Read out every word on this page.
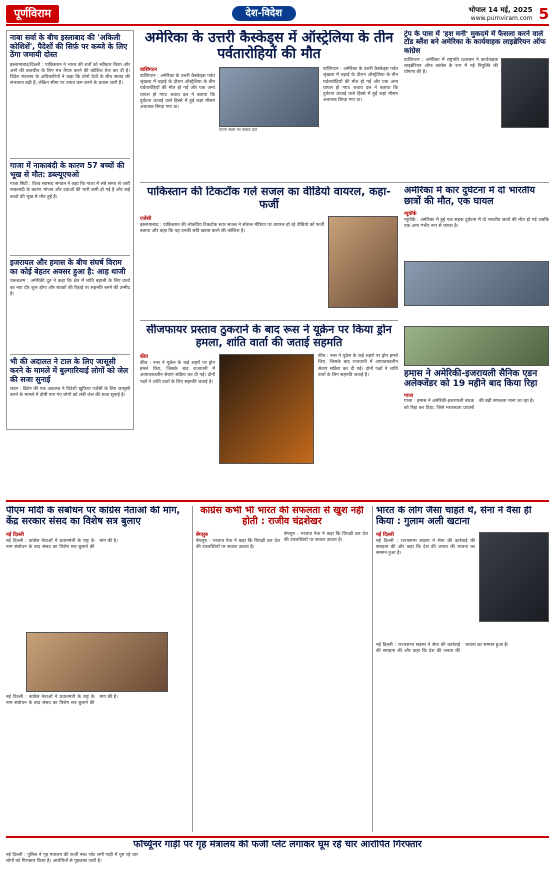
पूर्णविराम	देश-विदेश	भोपाल 14 मई, 2025
www.purnviram.com 5
नाबा सर्वा के बीच इस्लाबाद की 'अकिली कोशिशें', पैदेशों की सिर्फ़ पर कब्जे के लिए ठेंगा जमायी दोस्त
इस्लामाबाद/दिल्ली : पाकिस्तान ने भारत की शर्तों को स्वीकार किया और आगे की बातचीत के लिए मंच तैयार करने की कोशिश तेज कर दी है। विदेश मंत्रालय के अधिकारियों ने कहा कि दोनों देशों के बीच संवाद की संभावना बढ़ी है, लेकिन सीमा पर तनाव कम करने के प्रयास जारी हैं।
गाजा में नाकाबंदी के कारण 57 बच्चों की भूख से मौत: डब्ल्यूएचओ
गाजा सिटी : विश्व स्वास्थ्य संगठन ने कहा कि गाजा में लंबे समय से जारी नाकाबंदी के कारण भोजन और दवाओं की भारी कमी हो गई है और कई बच्चों की भूख से मौत हुई है।
इजरायल और हमास के बीच संघर्ष विराम का कोई बेहतर अवसर हुआ है: आह थाजी
यरूशलम : अमेरिकी दूत ने कहा कि क्षेत्र में शांति बहाली के लिए वार्ता का नया दौर शुरू होगा और बंधकों की रिहाई पर सहमति बनने की उम्मीद है।
भी की अदालत ने टाल के लिए जासूसी करने के मामले में बुल्गारियाई लोगों को जेल की सजा सुनाई
लंदन : ब्रिटेन की एक अदालत ने विदेशी खुफिया एजेंसी के लिए जासूसी करने के मामले में दोषी पाए गए लोगों को लंबी जेल की सजा सुनाई है।
अमेरिका के उत्तरी कैस्केड्स में ऑस्ट्रेलिया के तीन पर्वतारोहियों की मौत
वाशिंगटन
वाशिंगटन : अमेरिका के उत्तरी कैस्केड्स पर्वत श्रृंखला में चढ़ाई के दौरान ऑस्ट्रेलिया के तीन पर्वतारोहियों की मौत हो गई और एक अन्य घायल हो गया। बचाव दल ने बताया कि दुर्घटना ऊंचाई वाले हिस्से में हुई जहां मौसम अचानक बिगड़ गया था।
घटना स्थल पर बचाव दल
वाशिंगटन : अमेरिका के उत्तरी कैस्केड्स पर्वत श्रृंखला में चढ़ाई के दौरान ऑस्ट्रेलिया के तीन पर्वतारोहियों की मौत हो गई और एक अन्य घायल हो गया। बचाव दल ने बताया कि दुर्घटना ऊंचाई वाले हिस्से में हुई जहां मौसम अचानक बिगड़ गया था।
ट्रंप के पास में 'हश मनी' मुकदमे में फैसला करने वाले टॉड ब्लैंश बने अमेरिका के कार्यवाहक लाइब्रेरियन ऑफ कांग्रेस
वाशिंगटन : अमेरिका में राष्ट्रपति प्रशासन ने कार्यवाहक लाइब्रेरियन ऑफ कांग्रेस के रूप में नई नियुक्ति की घोषणा की है।
पाकिस्तान की टिकटॉक गर्ल सजल का वीडियो वायरल, कहा-फर्जी
एजेंसी
इस्लामाबाद : पाकिस्तान की लोकप्रिय टिकटॉक स्टार सजल ने सोशल मीडिया पर वायरल हो रहे वीडियो को फर्जी बताया और कहा कि यह उनकी छवि खराब करने की कोशिश है।
अमेरिका में कार दुर्घटना में दो भारतीय छात्रों की मौत, एक घायल
न्यूयॉर्क
न्यूयॉर्क : अमेरिका में हुई एक सड़क दुर्घटना में दो भारतीय छात्रों की मौत हो गई जबकि एक अन्य गंभीर रूप से घायल है।
सीजफायर प्रस्ताव ठुकराने के बाद रूस ने यूक्रेन पर किया ड्रोन हमला, शांति वार्ता की जताई सहमति
कीव
कीव : रूस ने यूक्रेन के कई शहरों पर ड्रोन हमले किए, जिसके बाद राजधानी में आपातकालीन सेवाएं सक्रिय कर दी गईं। दोनों पक्षों ने शांति वार्ता के लिए सहमति जताई है।
कीव : रूस ने यूक्रेन के कई शहरों पर ड्रोन हमले किए, जिसके बाद राजधानी में आपातकालीन सेवाएं सक्रिय कर दी गईं। दोनों पक्षों ने शांति वार्ता के लिए सहमति जताई है।	हमास ने अमेरिकी-इजरायली सैनिक एडन अलेक्जेंडर को 19 महीने बाद किया रिहा
गाजा
गाजा : हमास ने अमेरिकी-इजरायली बंधक को रिहा कर दिया, जिसे मध्यस्थता प्रयासों की बड़ी सफलता माना जा रहा है।
पीएम मोदी के संबोधन पर कांग्रेस नेताओं की मांग, केंद्र सरकार संसद का विशेष सत्र बुलाए
नई दिल्ली
नई दिल्ली : कांग्रेस नेताओं ने प्रधानमंत्री के राष्ट्र के नाम संबोधन के बाद संसद का विशेष सत्र बुलाने की मांग की है।
नई दिल्ली : कांग्रेस नेताओं ने प्रधानमंत्री के राष्ट्र के नाम संबोधन के बाद संसद का विशेष सत्र बुलाने की मांग की है।
कांग्रेस कभी भी भारत की सफलता से खुश नहीं होती : राजीव चंद्रशेखर
बेंगलुरु
बेंगलुरु : भाजपा नेता ने कहा कि विपक्षी दल देश की उपलब्धियों पर सवाल उठाता है।
बेंगलुरु : भाजपा नेता ने कहा कि विपक्षी दल देश की उपलब्धियों पर सवाल उठाता है।
भारत के लोग जैसा चाहते थे, सेना ने वैसा ही किया : गुलाम अली खटाना
नई दिल्ली
नई दिल्ली : राज्यसभा सदस्य ने सेना की कार्रवाई की सराहना की और कहा कि देश की जनता की भावना का सम्मान हुआ है।
नई दिल्ली : राज्यसभा सदस्य ने सेना की कार्रवाई की सराहना की और कहा कि देश की जनता की भावना का सम्मान हुआ है।
फॉर्च्यूनर गाड़ी पर गृह मंत्रालय की फर्जी प्लेट लगाकर घूम रहे चार आरोपित गिरफ्तार
नई दिल्ली : पुलिस ने गृह मंत्रालय की फर्जी नंबर प्लेट लगी गाड़ी में घूम रहे चार लोगों को गिरफ्तार किया है। आरोपितों से पूछताछ जारी है।
